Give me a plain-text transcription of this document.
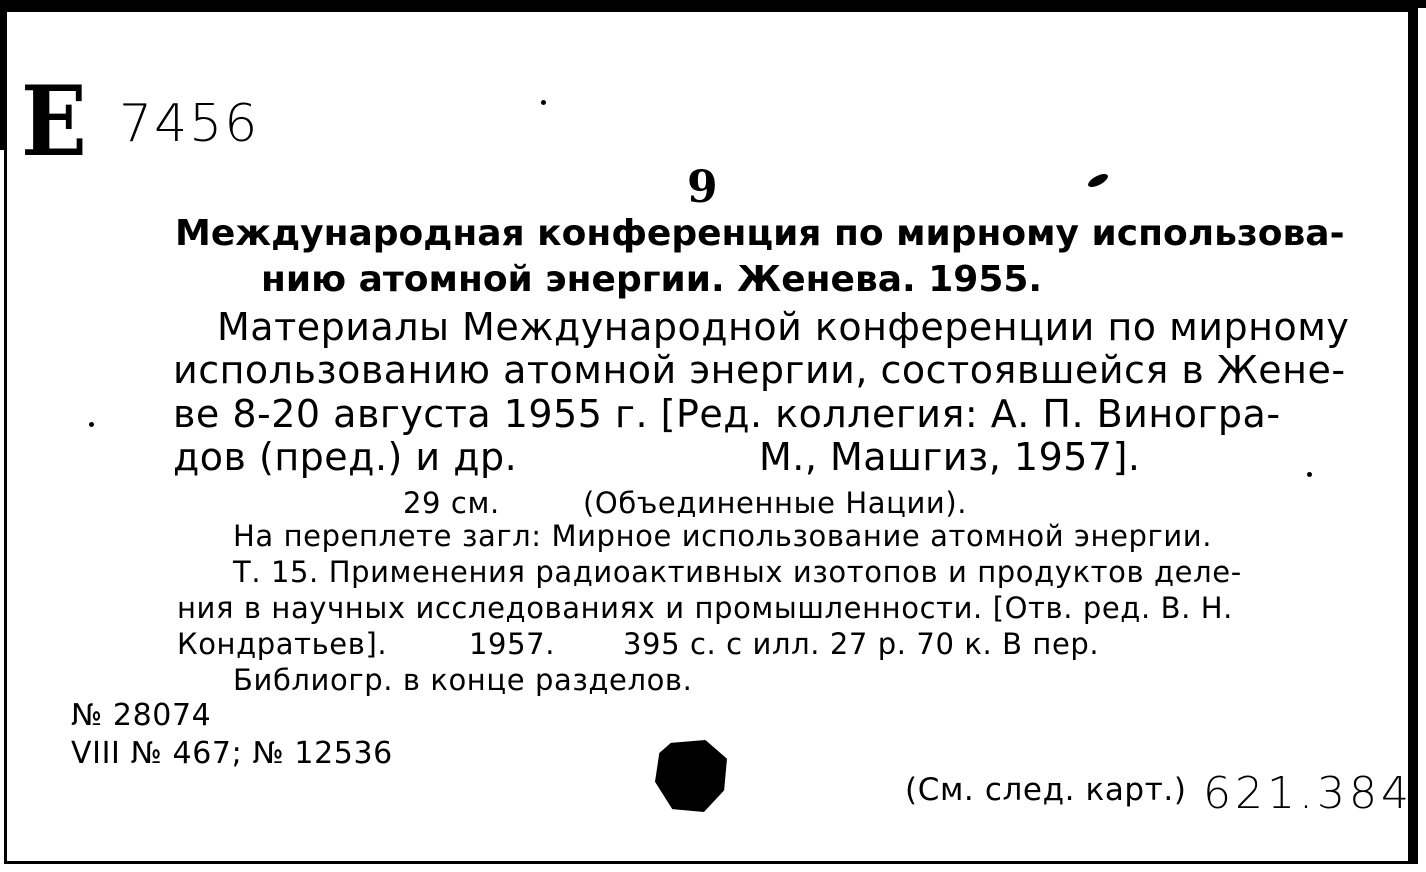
Е 7456
9
Международная конференция по мирному использова-
нию атомной энергии. Женева. 1955.
Материалы Международной конференции по мирному
использованию атомной энергии, состоявшейся в Жене-
ве 8-20 августа 1955 г. [Ред. коллегия: А. П. Виногра-
дов (пред.) и др.	М., Машгиз, 1957].
29 см.	(Объединенные Нации).
На переплете загл: Мирное использование атомной энергии.
Т. 15. Применения радиоактивных изотопов и продуктов деле-
ния в научных исследованиях и промышленности. [Отв. ред. В. Н.
Кондратьев].	1957. 395 с. с илл. 27 р. 70 к. В пер.
Библиогр. в конце разделов.
№ 28074
VIII № 467; № 12536
(См. след. карт.) 621.384
